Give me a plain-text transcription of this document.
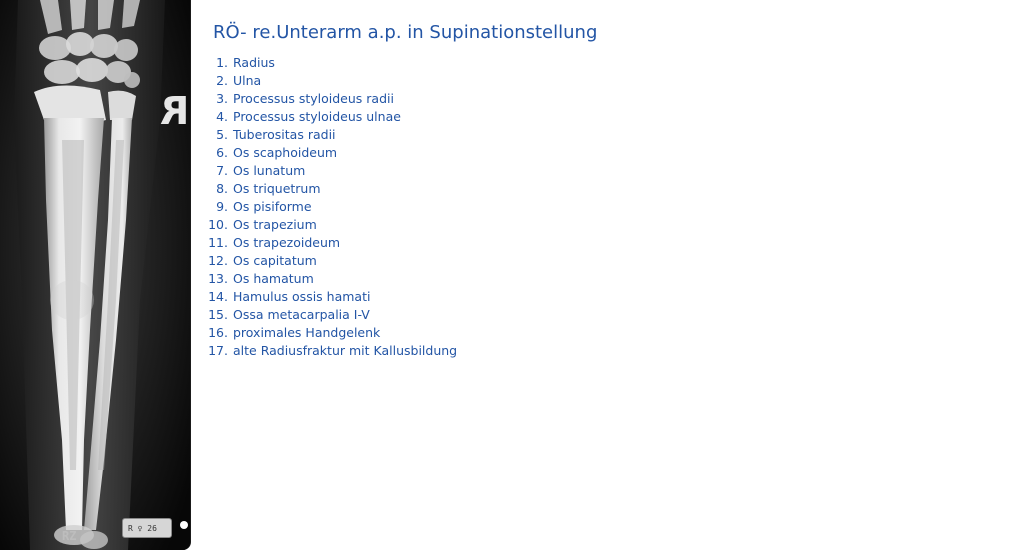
R
RZ
R ♀ 26
RÖ- re.Unterarm a.p. in Supinationstellung
1. Radius
2. Ulna
3. Processus styloideus radii
4. Processus styloideus ulnae
5. Tuberositas radii
6. Os scaphoideum
7. Os lunatum
8. Os triquetrum
9. Os pisiforme
10. Os trapezium
11. Os trapezoideum
12. Os capitatum
13. Os hamatum
14. Hamulus ossis hamati
15. Ossa metacarpalia I-V
16. proximales Handgelenk
17. alte Radiusfraktur mit Kallusbildung
